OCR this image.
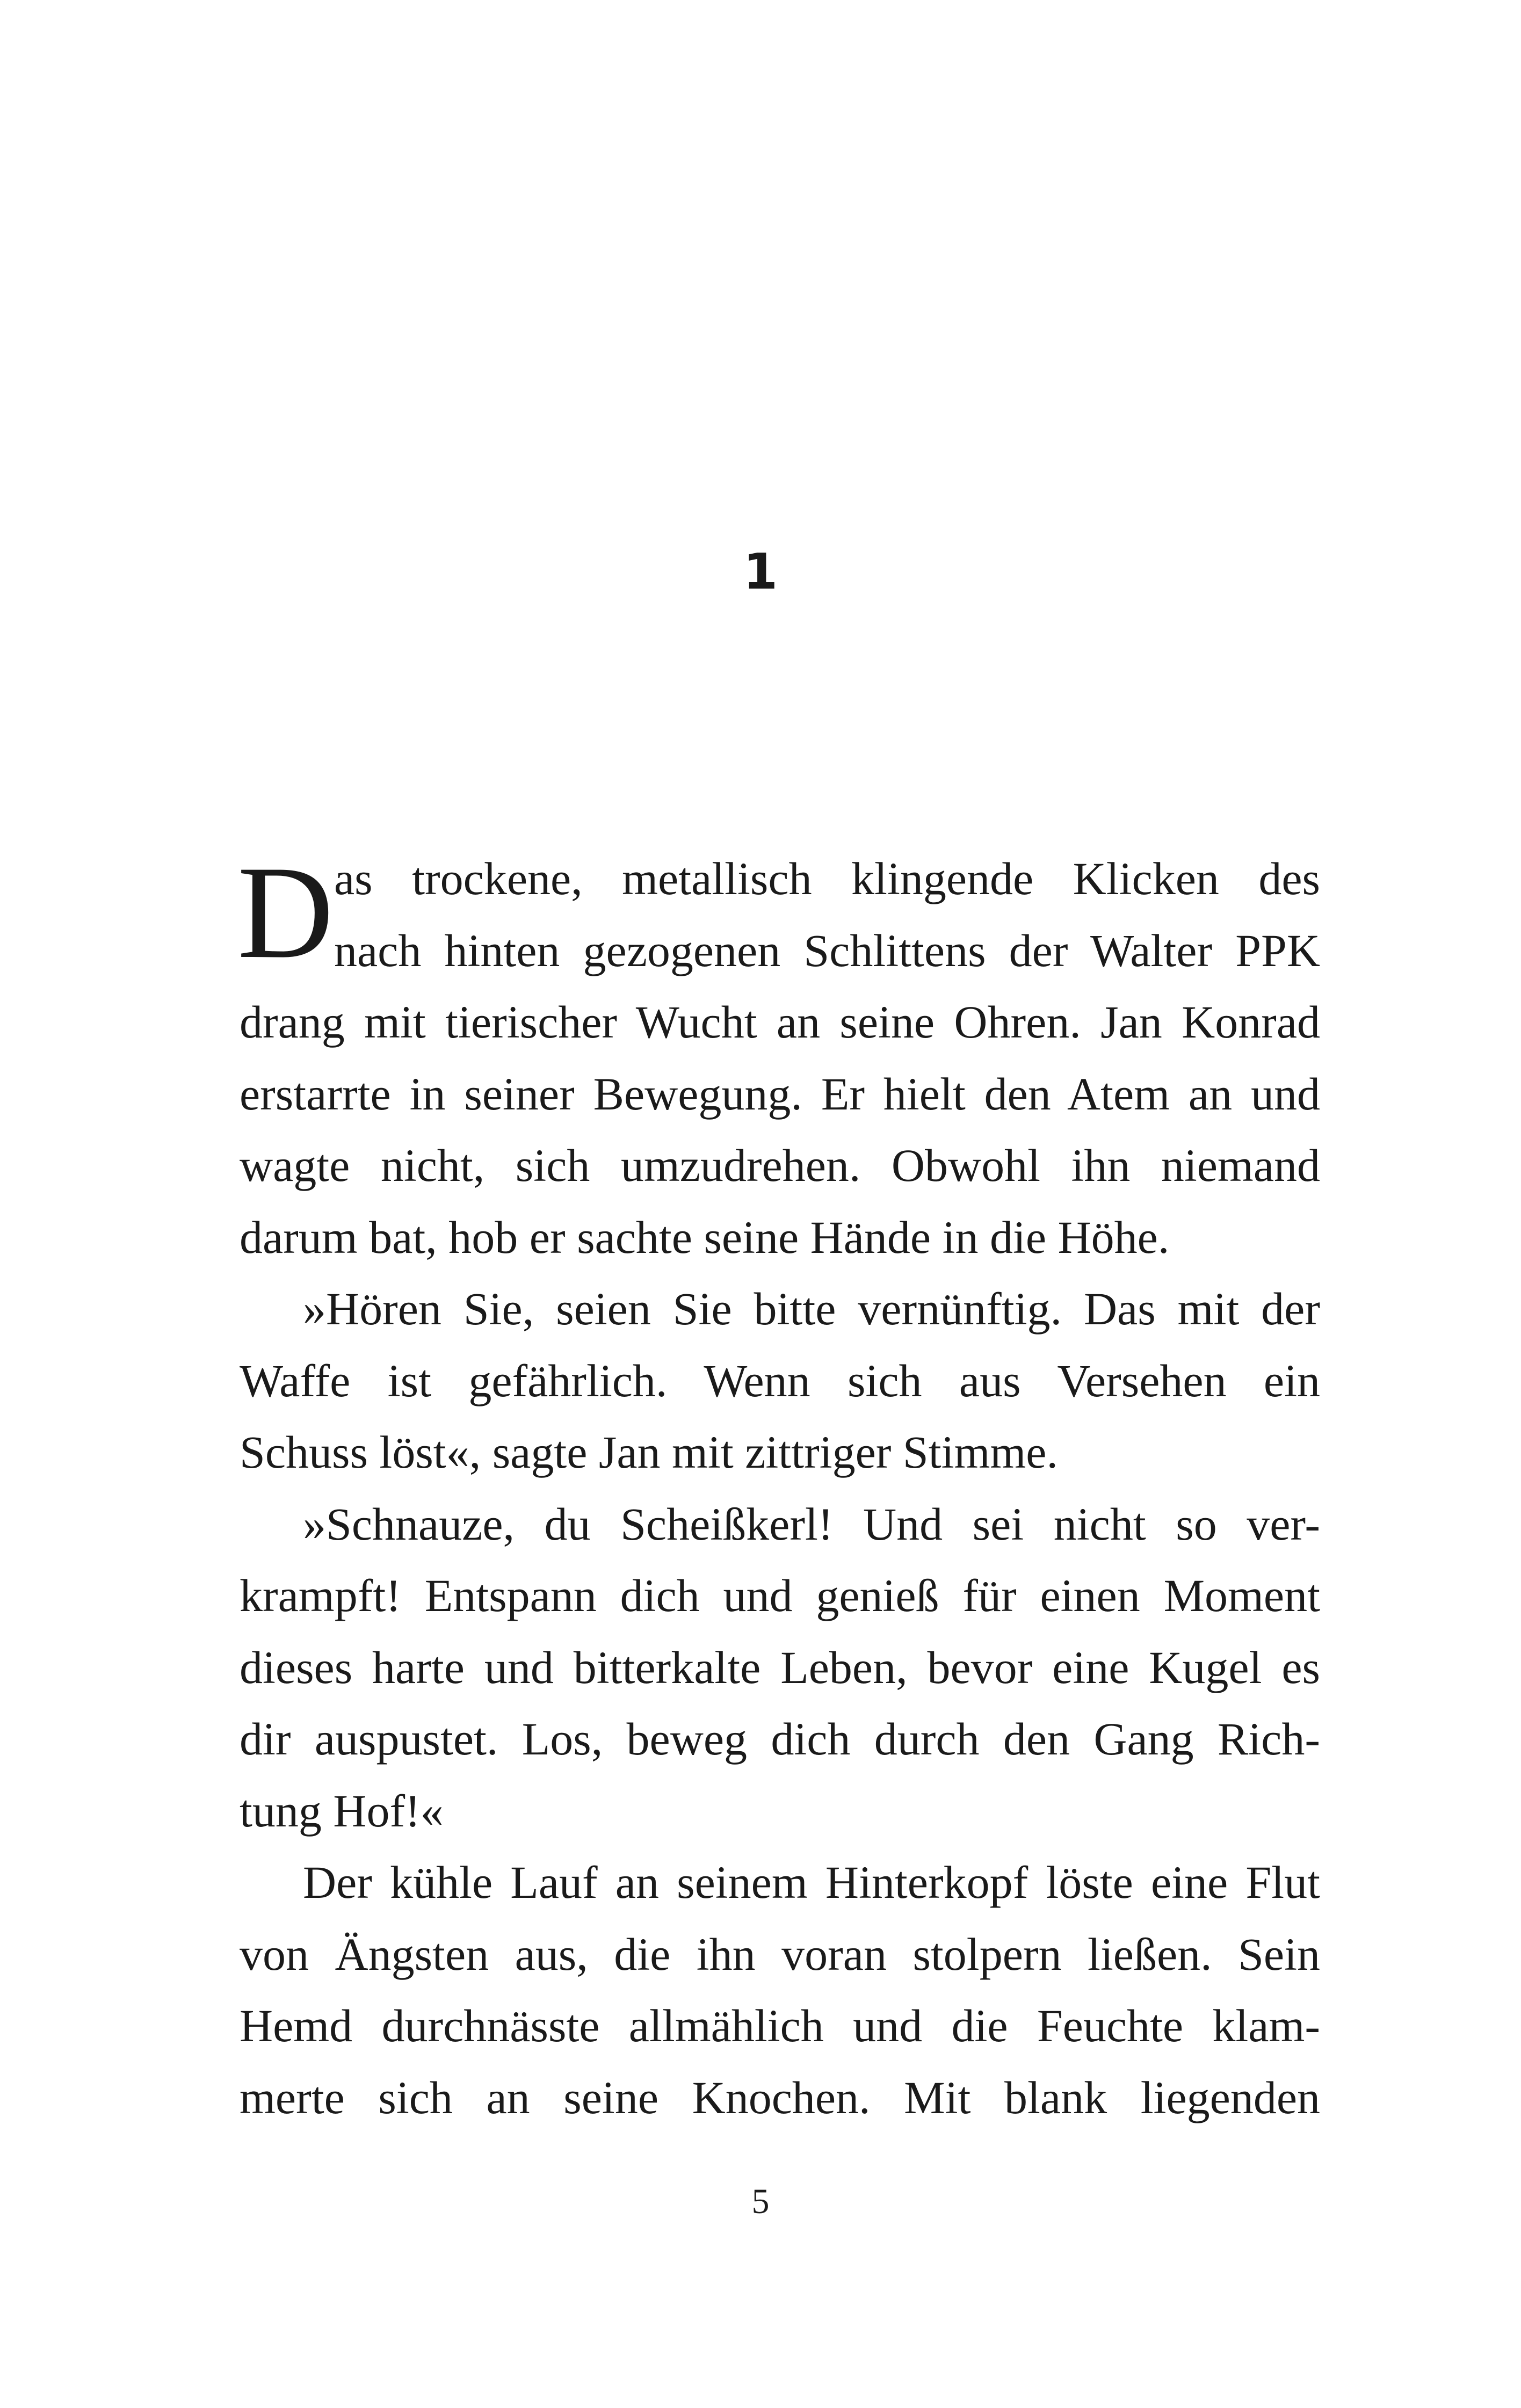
1
D as trockene, metallisch klingende Klicken des
nach hinten gezogenen Schlittens der Walter PPK
drang mit tierischer Wucht an seine Ohren. Jan Konrad
erstarrte in seiner Bewegung. Er hielt den Atem an und
wagte nicht, sich umzudrehen. Obwohl ihn niemand
darum bat, hob er sachte seine Hände in die Höhe.
»Hören Sie, seien Sie bitte vernünftig. Das mit der
Waffe ist gefährlich. Wenn sich aus Versehen ein
Schuss löst«, sagte Jan mit zittriger Stimme.
»Schnauze, du Scheißkerl! Und sei nicht so ver-
krampft! Entspann dich und genieß für einen Moment
dieses harte und bitterkalte Leben, bevor eine Kugel es
dir auspustet. Los, beweg dich durch den Gang Rich-
tung Hof!«
Der kühle Lauf an seinem Hinterkopf löste eine Flut
von Ängsten aus, die ihn voran stolpern ließen. Sein
Hemd durchnässte allmählich und die Feuchte klam-
merte sich an seine Knochen. Mit blank liegenden
5
